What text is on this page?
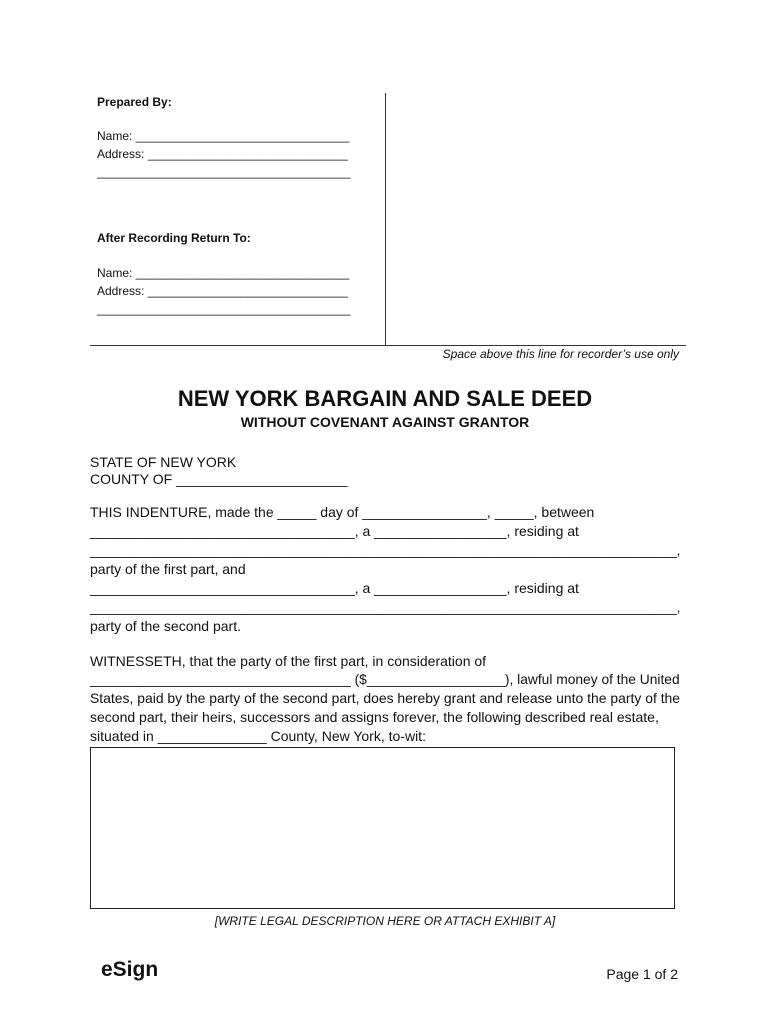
Prepared By:
Name: ________________________________
Address: ______________________________
______________________________________
After Recording Return To:
Name: ________________________________
Address: ______________________________
______________________________________
Space above this line for recorder’s use only
NEW YORK BARGAIN AND SALE DEED
WITHOUT COVENANT AGAINST GRANTOR
STATE OF NEW YORK
COUNTY OF ______________________
THIS INDENTURE, made the _____ day of ________________, _____, between
__________________________________, a _________________, residing at
__________________________________________________________________________________,
party of the first part, and
__________________________________, a _________________, residing at
__________________________________________________________________________________,
party of the second part.
WITNESSETH, that the party of the first part, in consideration of
__________________________________ ($__________________), lawful money of the United
States, paid by the party of the second part, does hereby grant and release unto the party of the
second part, their heirs, successors and assigns forever, the following described real estate,
situated in ______________ County, New York, to-wit:
[WRITE LEGAL DESCRIPTION HERE OR ATTACH EXHIBIT A]
eSign	Page 1 of 2
